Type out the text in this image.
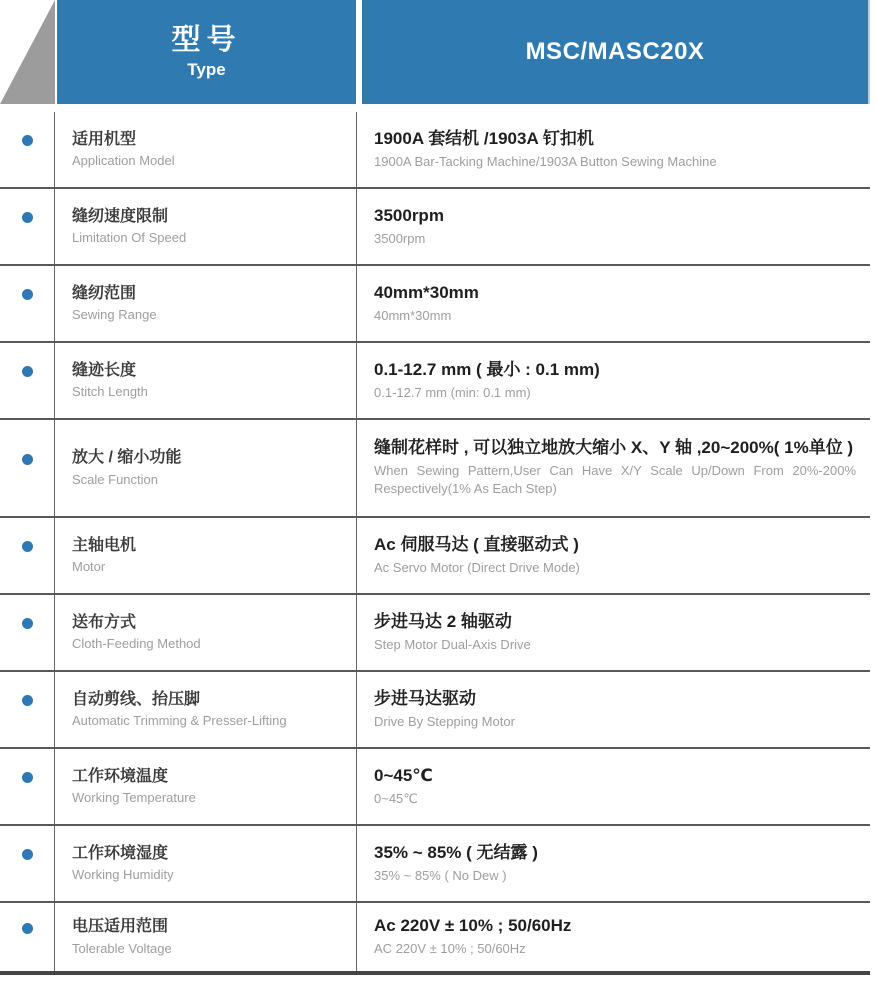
型号
Type
MSC/MASC20X
适用机型
Application Model
1900A 套结机 /1903A 钉扣机
1900A Bar-Tacking Machine/1903A Button Sewing Machine
缝纫速度限制
Limitation Of Speed
3500rpm
3500rpm
缝纫范围
Sewing Range
40mm*30mm
40mm*30mm
缝迹长度
Stitch Length
0.1-12.7 mm ( 最小 : 0.1 mm)
0.1-12.7 mm (min: 0.1 mm)
放大 / 缩小功能
Scale Function
缝制花样时 , 可以独立地放大缩小 X、Y 轴 ,20~200%( 1%单位 )
When Sewing Pattern,User Can Have X/Y Scale Up/Down From 20%-200% Respectively(1% As Each Step)
主轴电机
Motor
Ac 伺服马达 ( 直接驱动式 )
Ac Servo Motor (Direct Drive Mode)
送布方式
Cloth-Feeding Method
步进马达 2 轴驱动
Step Motor Dual-Axis Drive
自动剪线、抬压脚
Automatic Trimming & Presser-Lifting
步进马达驱动
Drive By Stepping Motor
工作环境温度
Working Temperature
0~45℃
0~45℃
工作环境湿度
Working Humidity
35% ~ 85% ( 无结露 )
35% ~ 85% ( No Dew )
电压适用范围
Tolerable Voltage
Ac 220V ± 10% ; 50/60Hz
AC 220V ± 10% ; 50/60Hz
